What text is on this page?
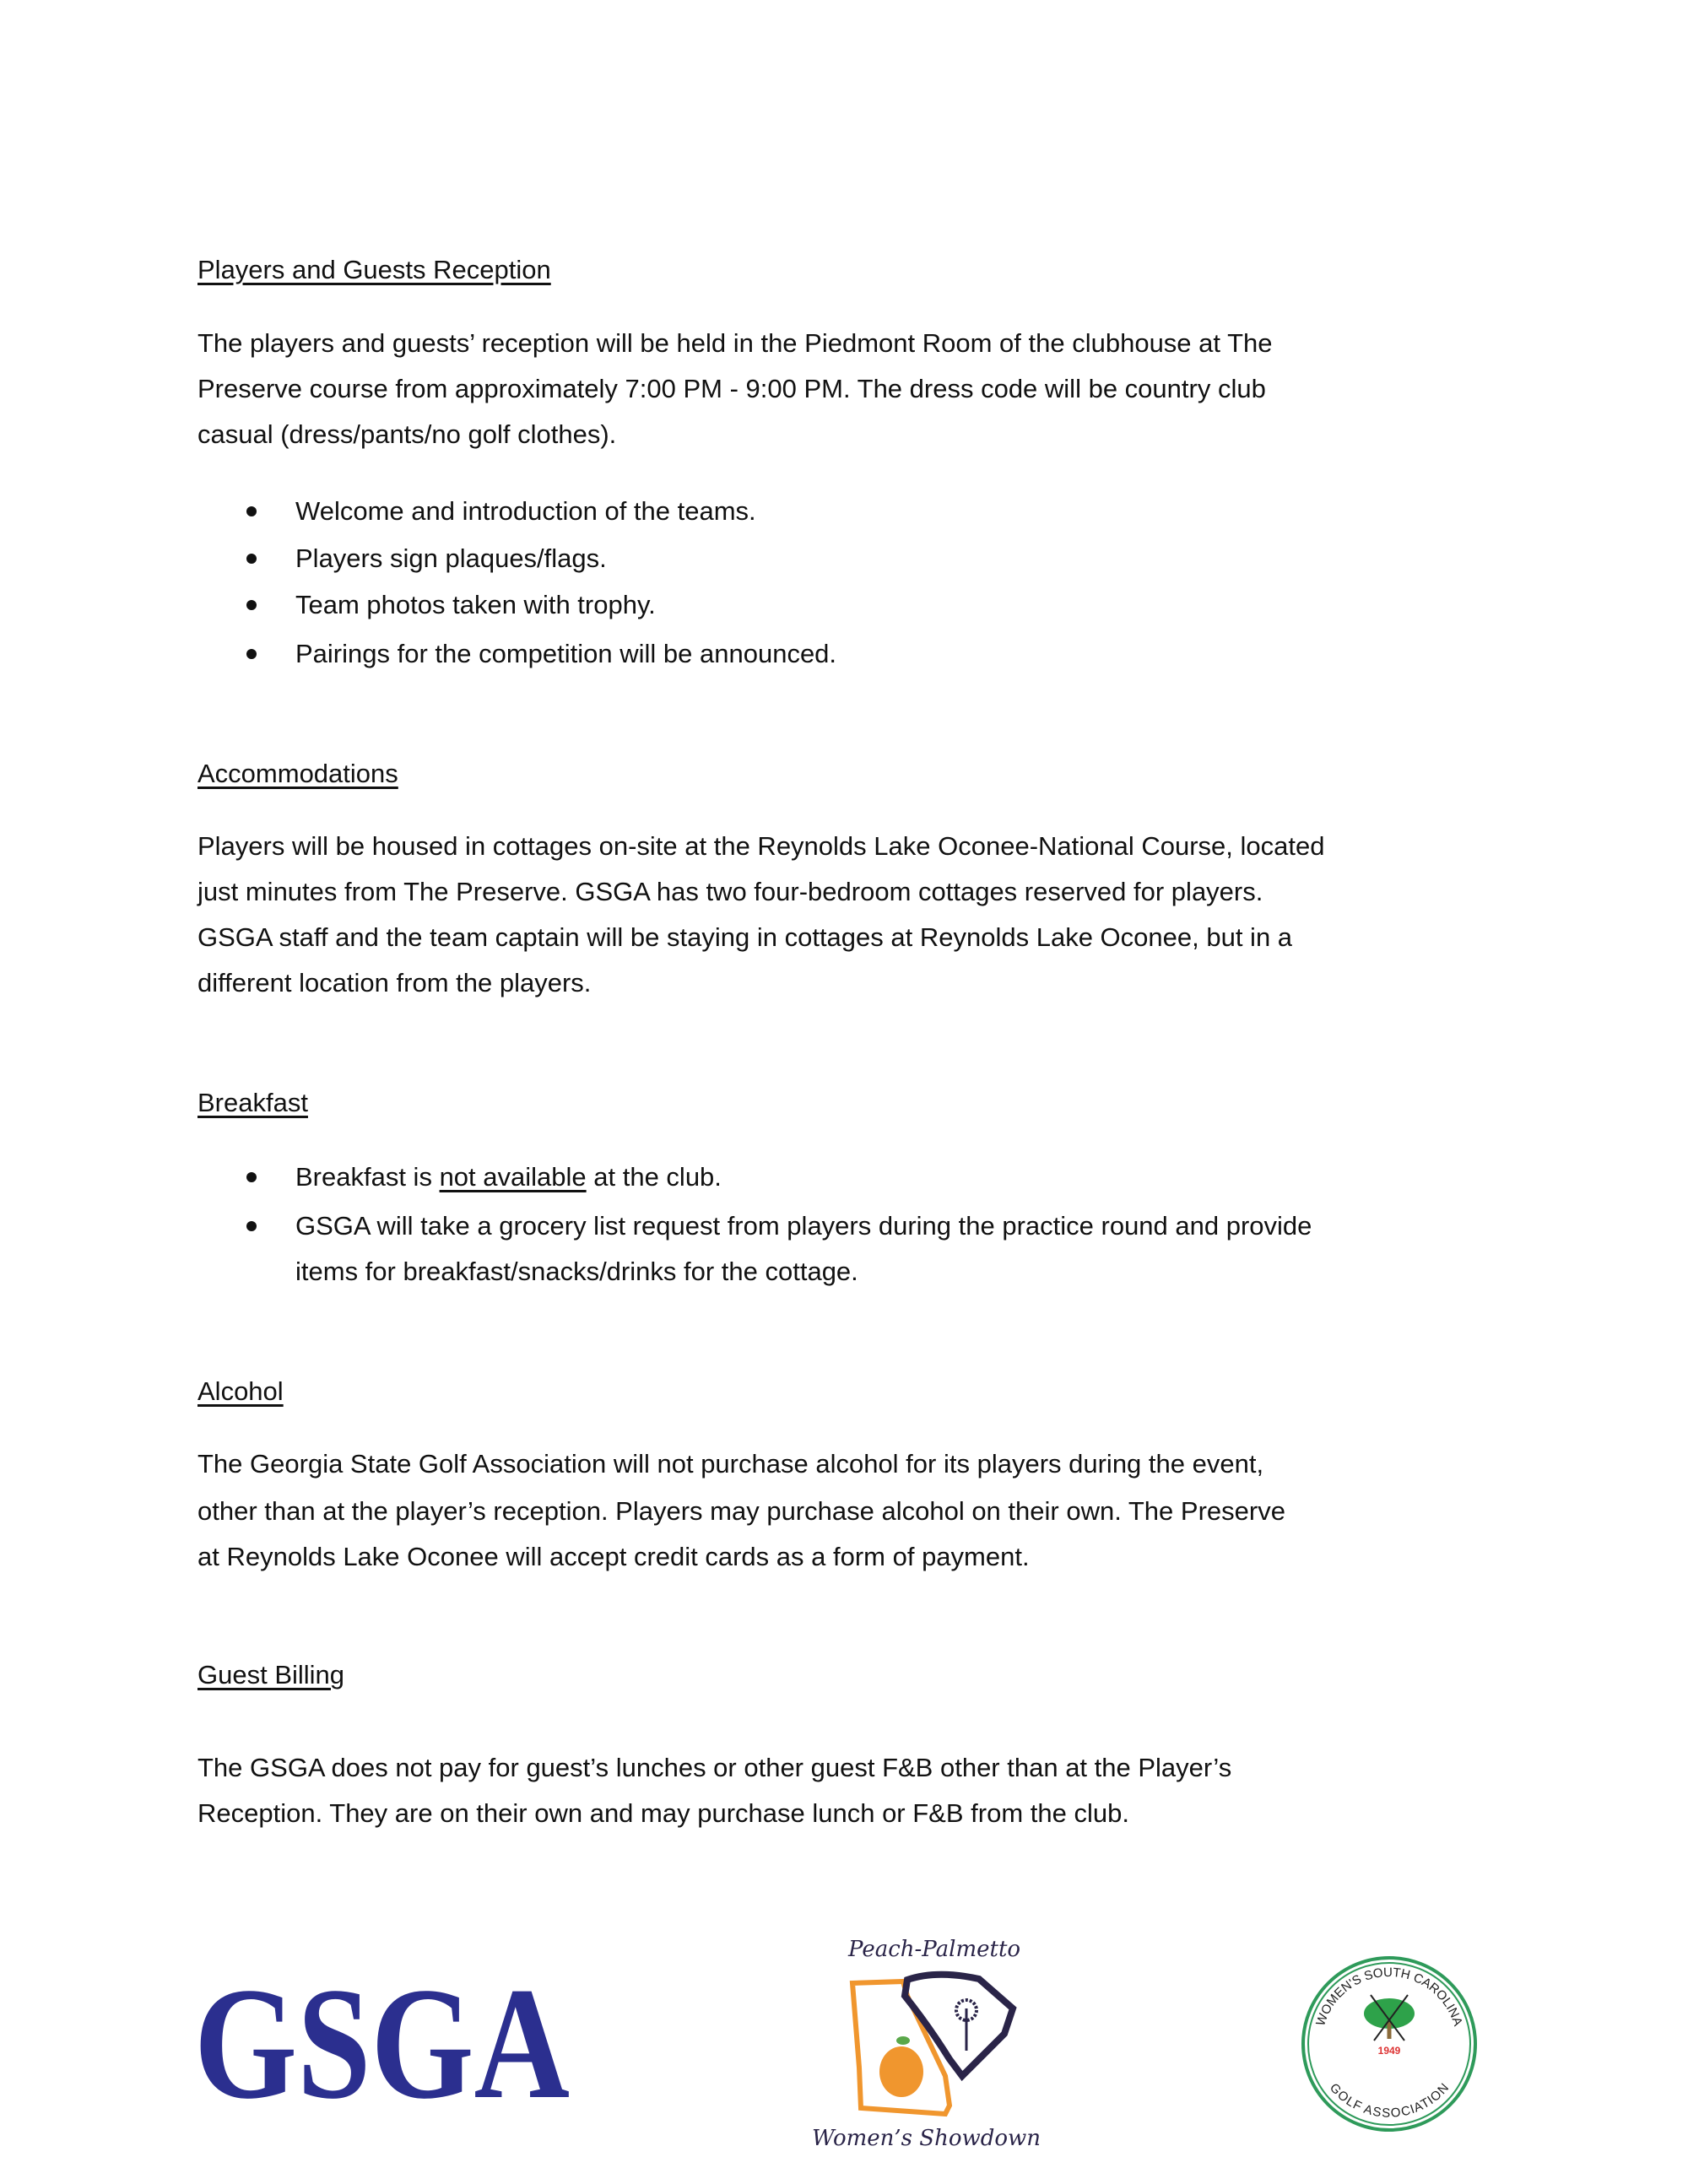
Players and Guests Reception
The players and guests’ reception will be held in the Piedmont Room of the clubhouse at The
Preserve course from approximately 7:00 PM - 9:00 PM. The dress code will be country club
casual (dress/pants/no golf clothes).
Welcome and introduction of the teams.
Players sign plaques/flags.
Team photos taken with trophy.
Pairings for the competition will be announced.
Accommodations
Players will be housed in cottages on-site at the Reynolds Lake Oconee-National Course, located
just minutes from The Preserve. GSGA has two four-bedroom cottages reserved for players.
GSGA staff and the team captain will be staying in cottages at Reynolds Lake Oconee, but in a
different location from the players.
Breakfast
Breakfast is not available at the club.
GSGA will take a grocery list request from players during the practice round and provide
items for breakfast/snacks/drinks for the cottage.
Alcohol
The Georgia State Golf Association will not purchase alcohol for its players during the event,
other than at the player’s reception. Players may purchase alcohol on their own. The Preserve
at Reynolds Lake Oconee will accept credit cards as a form of payment.
Guest Billing
The GSGA does not pay for guest’s lunches or other guest F&B other than at the Player’s
Reception. They are on their own and may purchase lunch or F&B from the club.
GSGA
Peach-Palmetto
Women’s Showdown
WOMEN'S SOUTH CAROLINA
1949
GOLF ASSOCIATION
